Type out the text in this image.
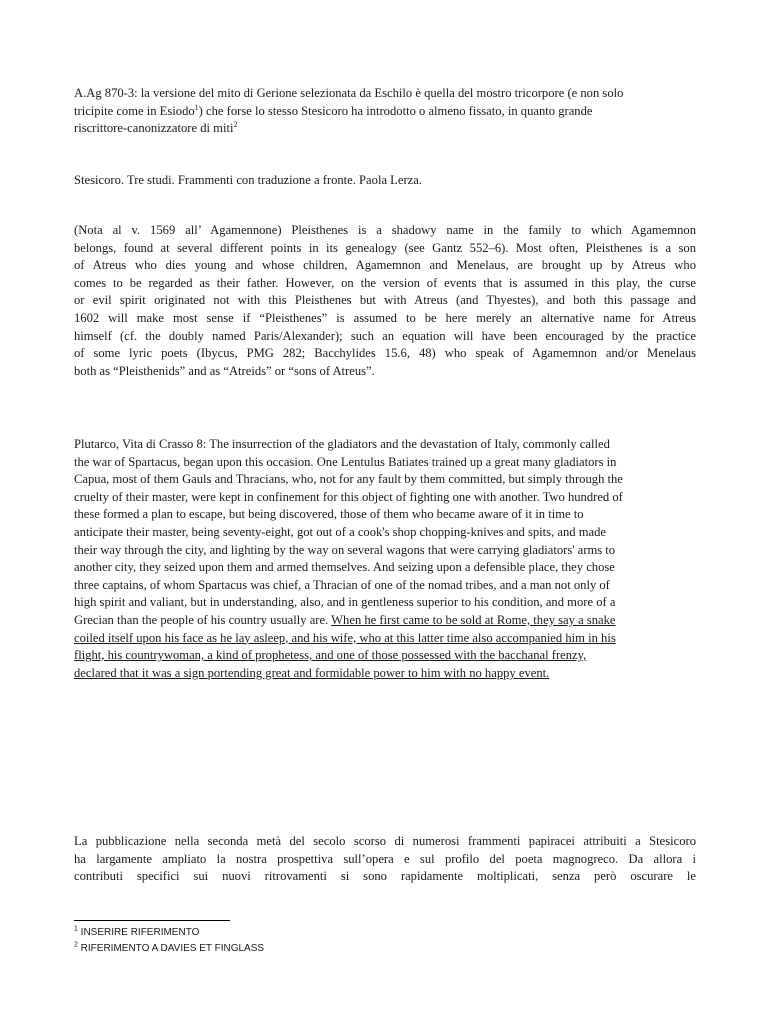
A.Ag 870-3: la versione del mito di Gerione selezionata da Eschilo è quella del mostro tricorpore (e non solo
tricipite come in Esiodo$^1$) che forse lo stesso Stesicoro ha introdotto o almeno fissato, in quanto grande
riscrittore-canonizzatore di miti$^2$

Stesicoro. Tre studi. Frammenti con traduzione a fronte. Paola Lerza.

(Nota al v. 1569 all’ Agamennone) Pleisthenes is a shadowy name in the family to which Agamemnon
belongs, found at several different points in its genealogy (see Gantz 552–6). Most often, Pleisthenes is a son
of Atreus who dies young and whose children, Agamemnon and Menelaus, are brought up by Atreus who
comes to be regarded as their father. However, on the version of events that is assumed in this play, the curse
or evil spirit originated not with this Pleisthenes but with Atreus (and Thyestes), and both this passage and
1602 will make most sense if “Pleisthenes” is assumed to be here merely an alternative name for Atreus
himself (cf. the doubly named Paris/Alexander); such an equation will have been encouraged by the practice
of some lyric poets (Ibycus, PMG 282; Bacchylides 15.6, 48) who speak of Agamemnon and/or Menelaus
both as “Pleisthenids” and as “Atreids” or “sons of Atreus”.
Plutarco, Vita di Crasso 8: The insurrection of the gladiators and the devastation of Italy, commonly called
the war of Spartacus, began upon this occasion. One Lentulus Batiates trained up a great many gladiators in
Capua, most of them Gauls and Thracians, who, not for any fault by them committed, but simply through the
cruelty of their master, were kept in confinement for this object of fighting one with another. Two hundred of
these formed a plan to escape, but being discovered, those of them who became aware of it in time to
anticipate their master, being seventy-eight, got out of a cook's shop chopping-knives and spits, and made
their way through the city, and lighting by the way on several wagons that were carrying gladiators' arms to
another city, they seized upon them and armed themselves. And seizing upon a defensible place, they chose
three captains, of whom Spartacus was chief, a Thracian of one of the nomad tribes, and a man not only of
high spirit and valiant, but in understanding, also, and in gentleness superior to his condition, and more of a
Grecian than the people of his country usually are. When he first came to be sold at Rome, they say a snake
coiled itself upon his face as he lay asleep, and his wife, who at this latter time also accompanied him in his
flight, his countrywoman, a kind of prophetess, and one of those possessed with the bacchanal frenzy,
declared that it was a sign portending great and formidable power to him with no happy event.
La pubblicazione nella seconda metà del secolo scorso di numerosi frammenti papiracei attribuiti a Stesicoro
ha largamente ampliato la nostra prospettiva sull’opera e sul profilo del poeta magnogreco. Da allora i
contributi specifici sui nuovi ritrovamenti si sono rapidamente moltiplicati, senza però oscurare le
$^1$ INSERIRE RIFERIMENTO
$^2$ RIFERIMENTO A DAVIES ET FINGLASS
